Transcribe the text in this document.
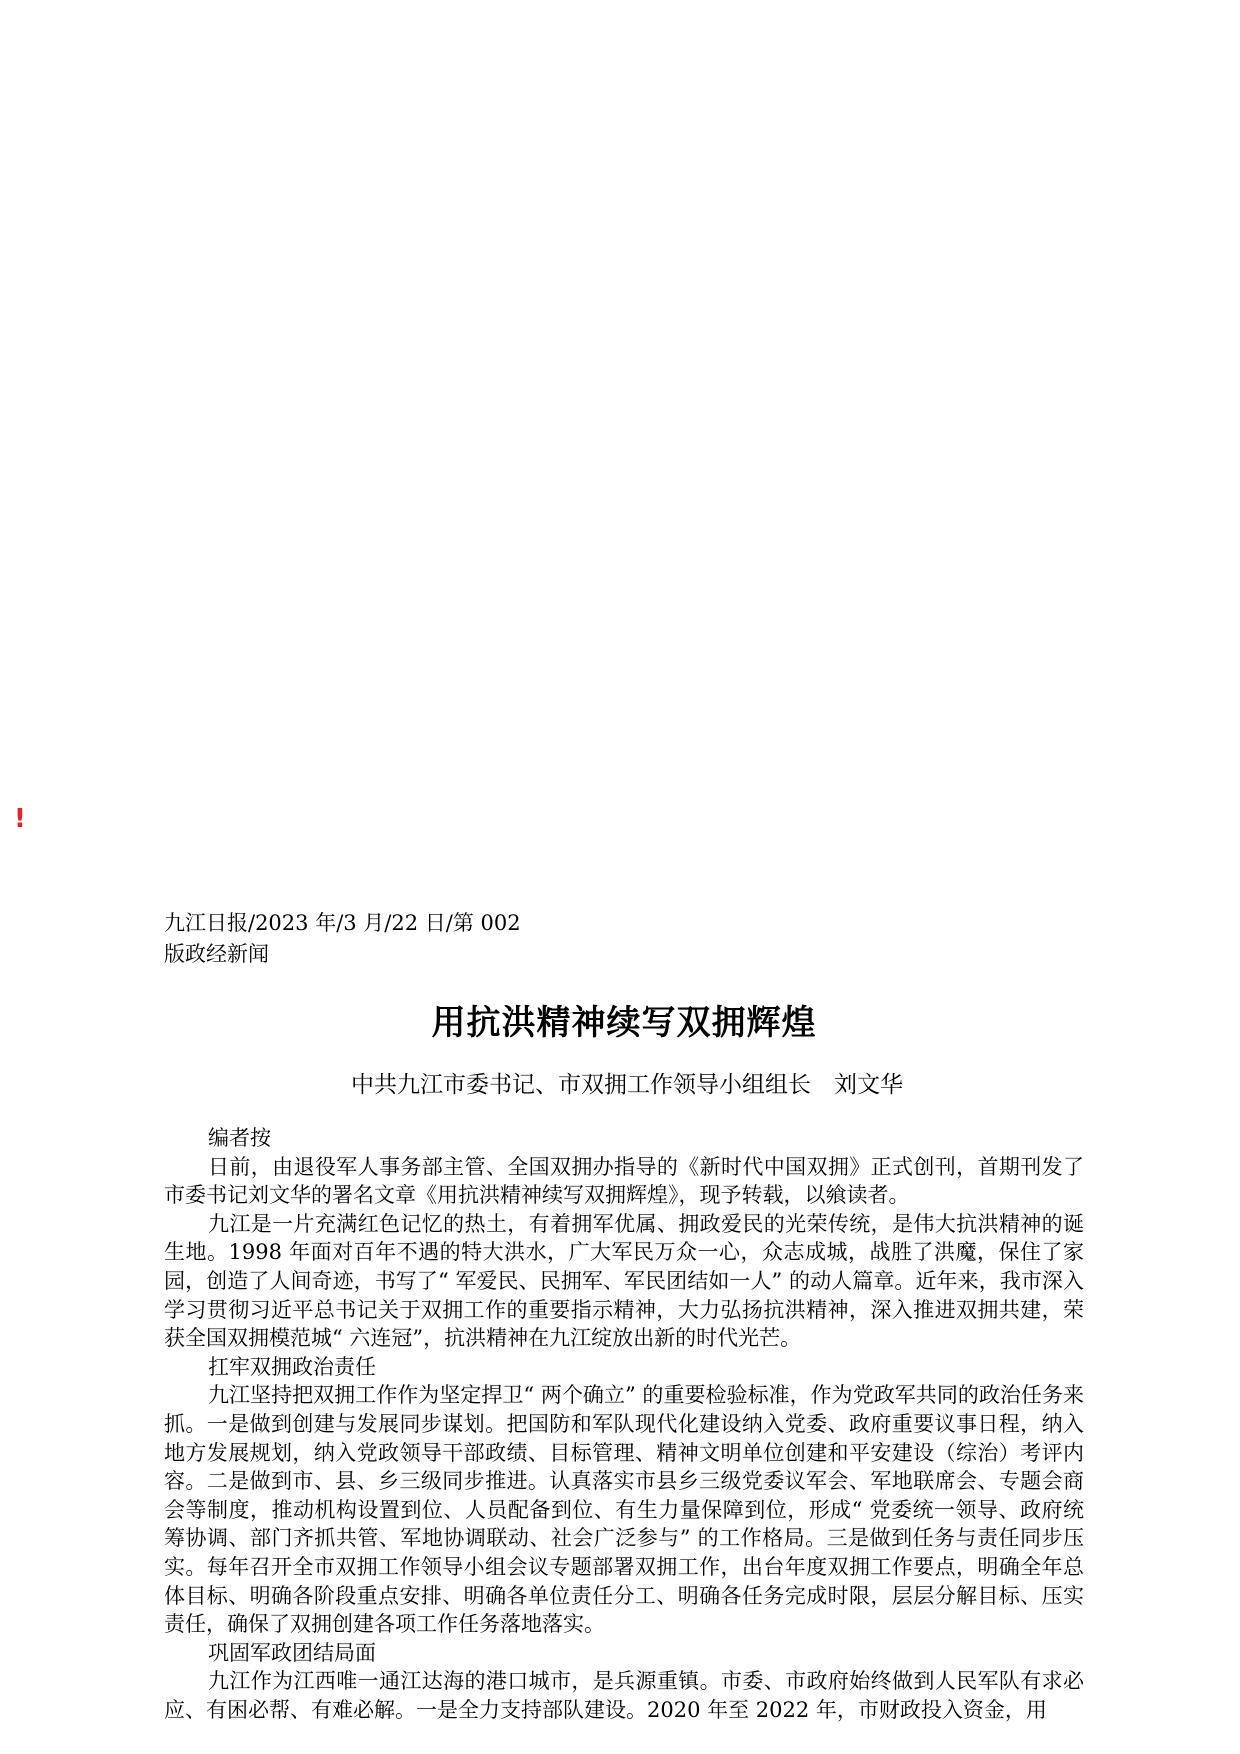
!

九江日报/2023 年/3 月/22 日/第 002

版政经新闻

用抗洪精神续写双拥辉煌
中共九江市委书记、市双拥工作领导小组组长　刘文华

编者按

日前，由退役军人事务部主管、全国双拥办指导的《新时代中国双拥》正式创刊，首期刊发了市委书记刘文华的署名文章《用抗洪精神续写双拥辉煌》，现予转载，以飨读者。

九江是一片充满红色记忆的热土，有着拥军优属、拥政爱民的光荣传统，是伟大抗洪精神的诞生地。1998 年面对百年不遇的特大洪水，广大军民万众一心，众志成城，战胜了洪魔，保住了家园，创造了人间奇迹，书写了“ 军爱民、民拥军、军民团结如一人” 的动人篇章。近年来，我市深入学习贯彻习近平总书记关于双拥工作的重要指示精神，大力弘扬抗洪精神，深入推进双拥共建，荣获全国双拥模范城“ 六连冠”，抗洪精神在九江绽放出新的时代光芒。

扛牢双拥政治责任

九江坚持把双拥工作作为坚定捍卫“ 两个确立” 的重要检验标准，作为党政军共同的政治任务来抓。一是做到创建与发展同步谋划。把国防和军队现代化建设纳入党委、政府重要议事日程，纳入地方发展规划，纳入党政领导干部政绩、目标管理、精神文明单位创建和平安建设（综治）考评内容。二是做到市、县、乡三级同步推进。认真落实市县乡三级党委议军会、军地联席会、专题会商会等制度，推动机构设置到位、人员配备到位、有生力量保障到位，形成“ 党委统一领导、政府统筹协调、部门齐抓共管、军地协调联动、社会广泛参与” 的工作格局。三是做到任务与责任同步压实。每年召开全市双拥工作领导小组会议专题部署双拥工作，出台年度双拥工作要点，明确全年总体目标、明确各阶段重点安排、明确各单位责任分工、明确各任务完成时限，层层分解目标、压实责任，确保了双拥创建各项工作任务落地落实。

巩固军政团结局面

九江作为江西唯一通江达海的港口城市，是兵源重镇。市委、市政府始终做到人民军队有求必应、有困必帮、有难必解。一是全力支持部队建设。2020 年至 2022 年，市财政投入资金，用
